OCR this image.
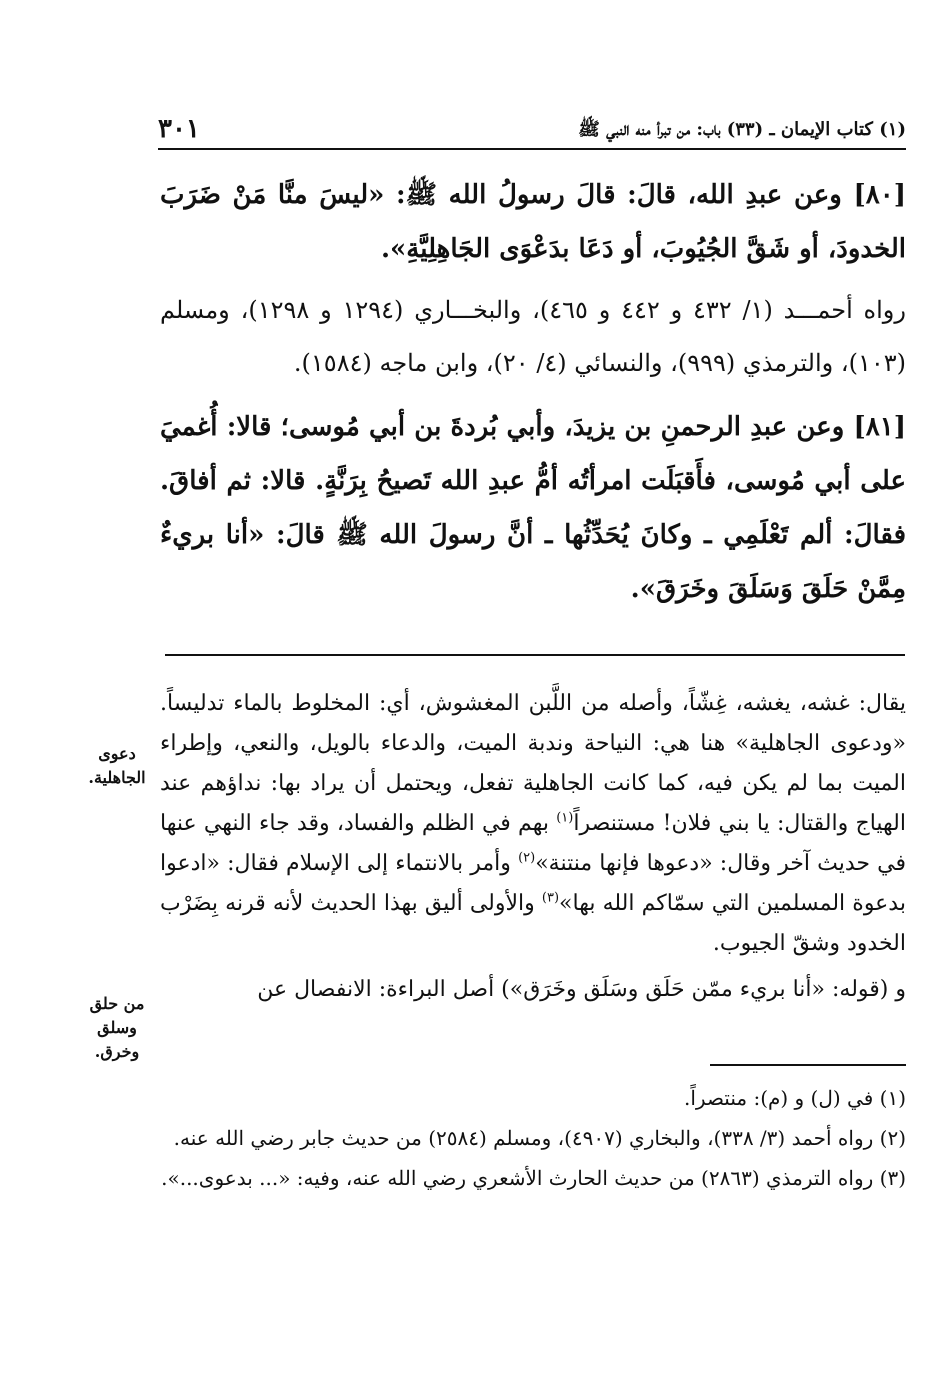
٣٠١	(١) كتاب الإيمان ـ (٣٣) باب: من تبرأ منه النبي ﷺ

[٨٠] وعن عبدِ الله، قالَ: قالَ رسولُ الله ﷺ: «ليسَ منَّا مَنْ ضَرَبَ الخدودَ، أو شَقَّ الجُيُوبَ، أو دَعَا بدَعْوَى الجَاهِلِيَّةِ».

رواه أحمـــد (١/ ٤٣٢ و ٤٤٢ و ٤٦٥)، والبخـــاري (١٢٩٤ و ١٢٩٨)، ومسلم (١٠٣)، والترمذي (٩٩٩)، والنسائي (٤/ ٢٠)، وابن ماجه (١٥٨٤).

[٨١] وعن عبدِ الرحمنِ بن يزيدَ، وأبي بُردةَ بن أبي مُوسى؛ قالا: أُغميَ على أبي مُوسى، فأَقبَلَت امرأتُه أمُّ عبدِ الله تَصيحُ بِرَنَّةٍ. قالا: ثم أفاقَ. فقالَ: ألم تَعْلَمِي ـ وكانَ يُحَدِّثُها ـ أنَّ رسولَ الله ﷺ قالَ: «أنا بريءٌ مِمَّنْ حَلَقَ وَسَلَقَ وخَرَقَ».

يقال: غشه، يغشه، غِشّاً، وأصله من اللَّبن المغشوش، أي: المخلوط بالماء تدليساً. «ودعوى الجاهلية» هنا هي: النياحة وندبة الميت، والدعاء بالويل، والنعي، وإطراء الميت بما لم يكن فيه، كما كانت الجاهلية تفعل، ويحتمل أن يراد بها: نداؤهم عند الهياج والقتال: يا بني فلان! مستنصراً$^{(١)}$ بهم في الظلم والفساد، وقد جاء النهي عنها في حديث آخر وقال: «دعوها فإنها منتنة»$^{(٢)}$ وأمر بالانتماء إلى الإسلام فقال: «ادعوا بدعوة المسلمين التي سمّاكم الله بها»$^{(٣)}$ والأولى أليق بهذا الحديث لأنه قرنه بِضَرْب الخدود وشقّ الجيوب.

و (قوله: «أنا بريء ممّن حَلَق وسَلَق وخَرَق») أصل البراءة: الانفصال عن

دعوى الجاهلية.
من حلق وسلق وخرق.

(١) في (ل) و (م): منتصراً.

(٢) رواه أحمد (٣/ ٣٣٨)، والبخاري (٤٩٠٧)، ومسلم (٢٥٨٤) من حديث جابر رضي الله عنه.

(٣) رواه الترمذي (٢٨٦٣) من حديث الحارث الأشعري رضي الله عنه، وفيه: «... بدعوى...».
